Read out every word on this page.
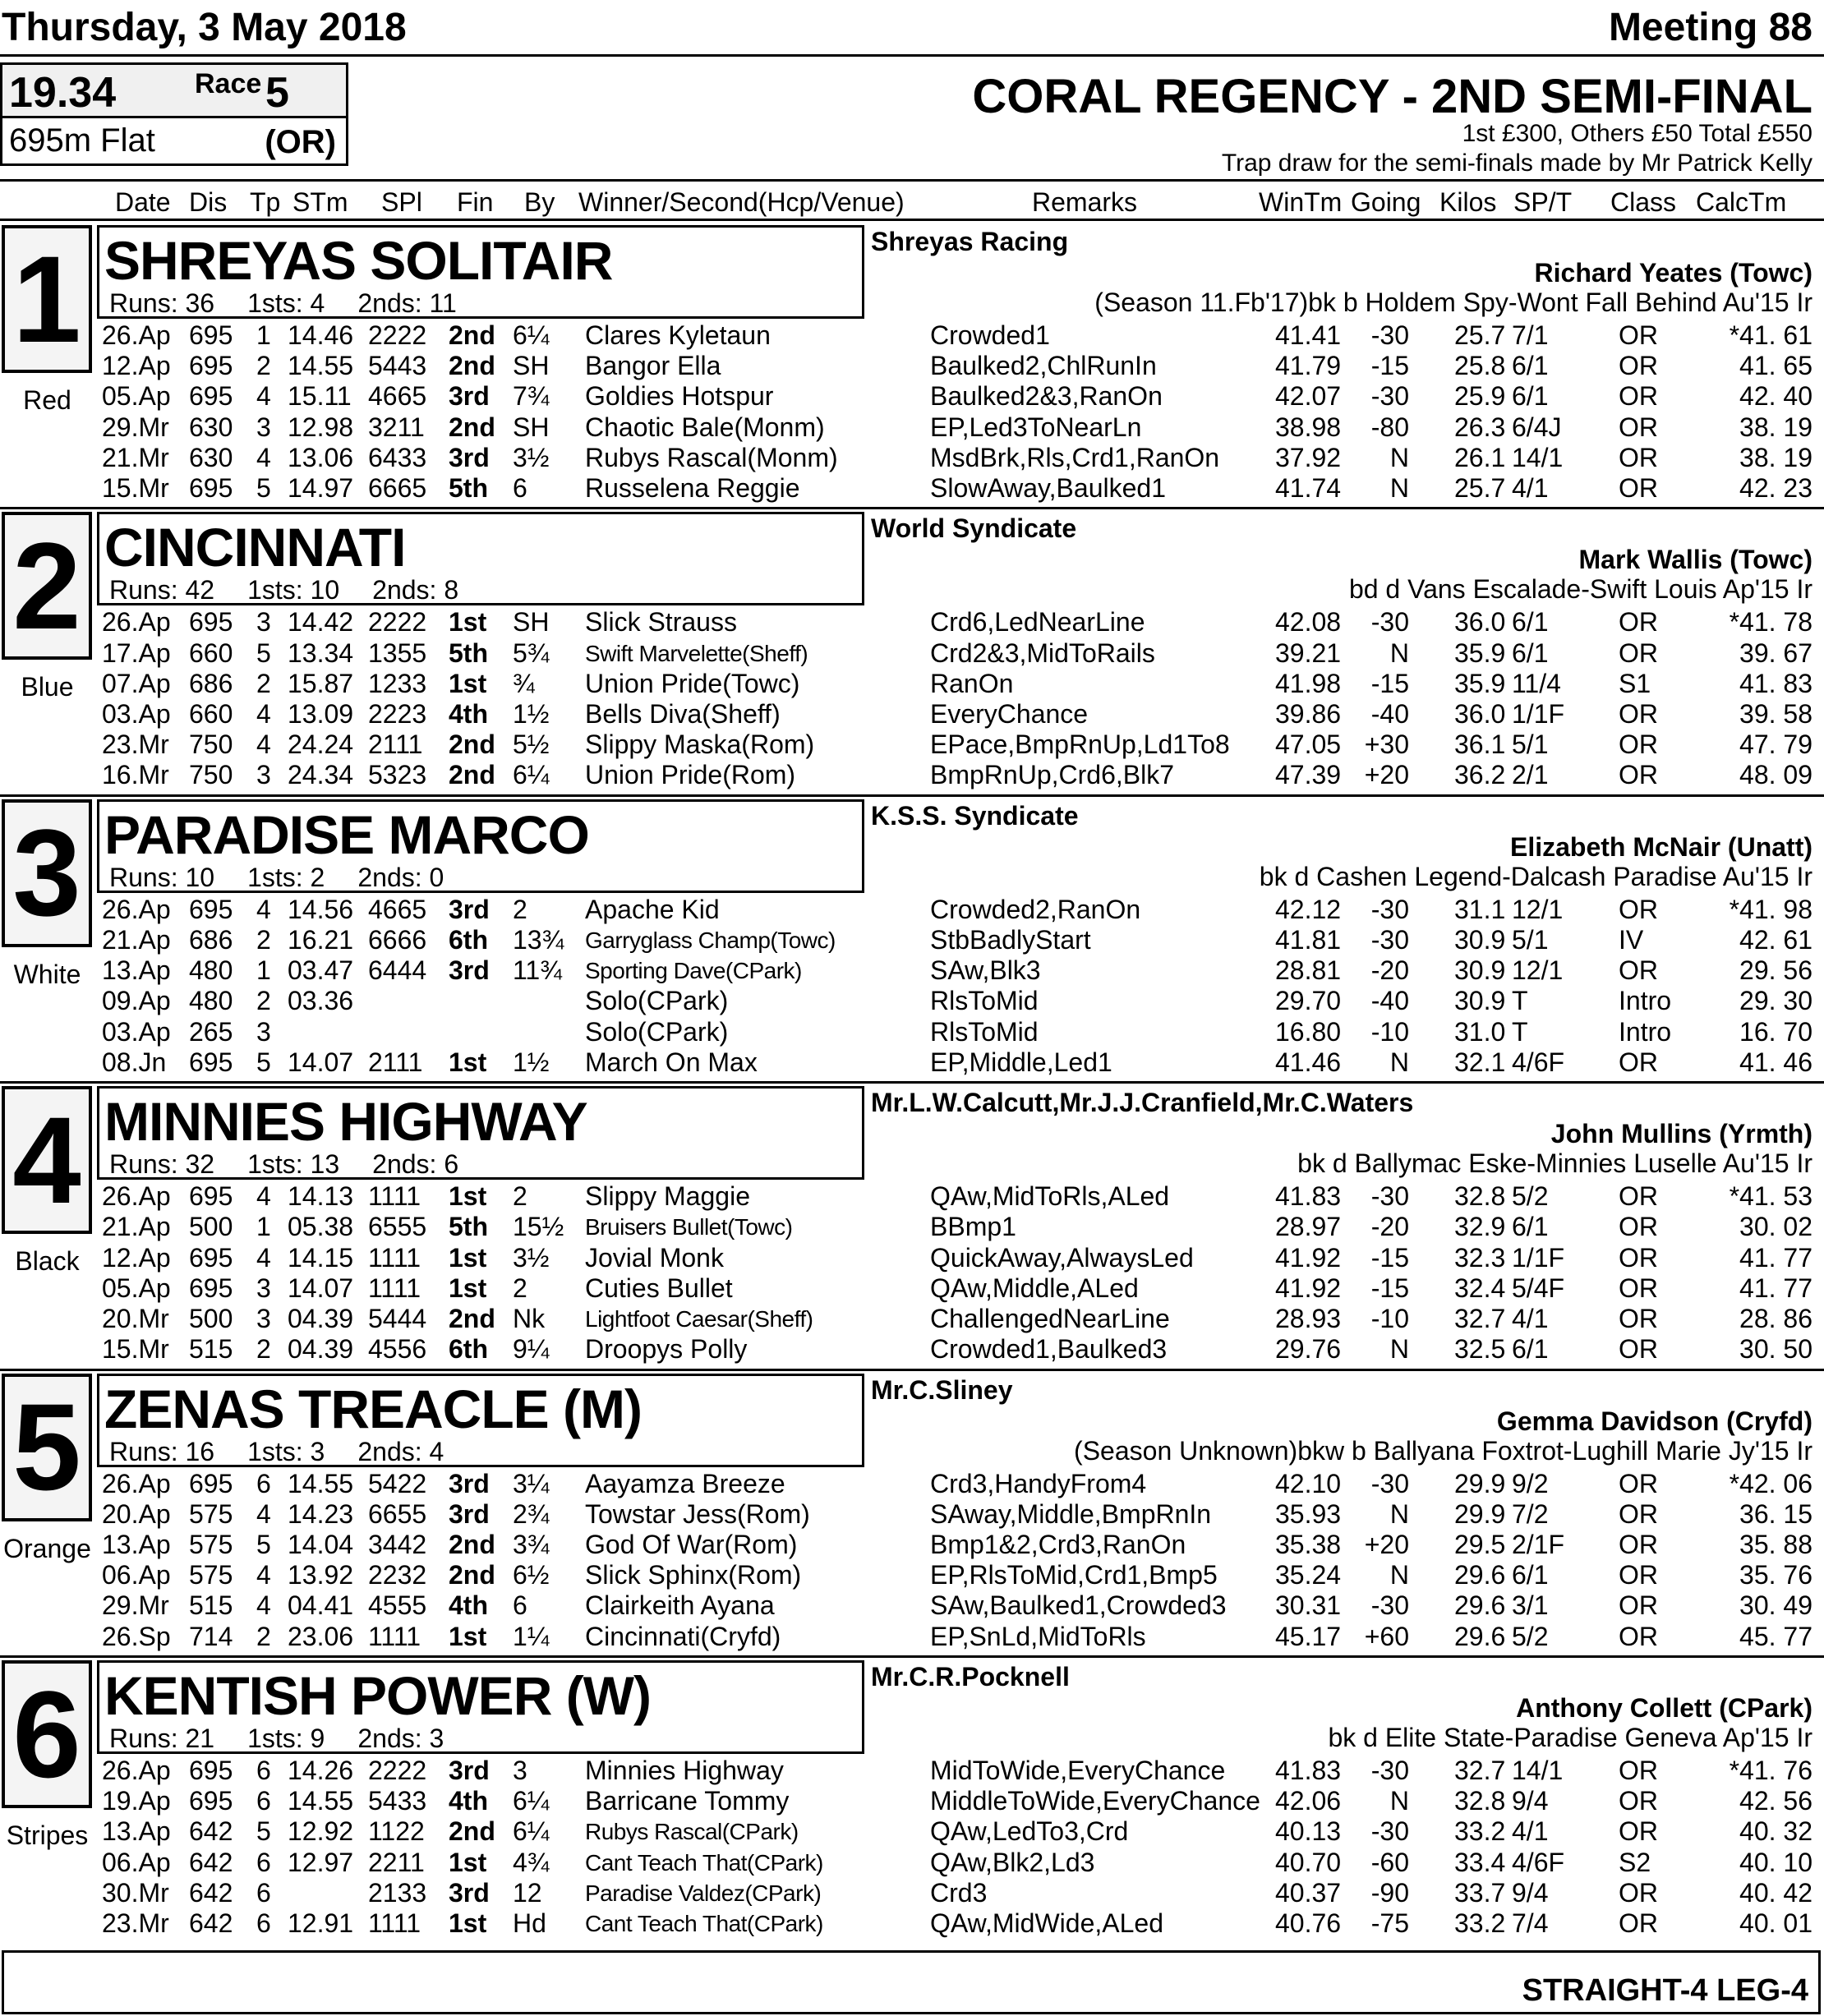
Thursday, 3 May 2018	Meeting 88
19.34	Race 5
695m Flat	(OR)
CORAL REGENCY - 2ND SEMI-FINAL
1st £300, Others £50 Total £550
Trap draw for the semi-finals made by Mr Patrick Kelly
Date Dis Tp STm SPl Fin By Winner/Second(Hcp/Venue)	Remarks	WinTm Going Kilos SP/T Class CalcTm
1
Red
SHREYAS SOLITAIR
Runs: 36 1sts: 4 2nds: 11
Shreyas Racing
Richard Yeates (Towc)
(Season 11.Fb'17)bk b Holdem Spy-Wont Fall Behind Au'15 Ir
26.Ap 695 1 14.46 2222 2nd 6¼ Clares Kyletaun	Crowded1	41.41 -30 25.7 7/1	OR	*41. 61
12.Ap 695 2 14.55 5443 2nd SH Bangor Ella	Baulked2,ChlRunIn	41.79 -15 25.8 6/1	OR	41. 65
05.Ap 695 4 15.11 4665 3rd 7¾ Goldies Hotspur	Baulked2&3,RanOn	42.07 -30 25.9 6/1	OR	42. 40
29.Mr 630 3 12.98 3211 2nd SH Chaotic Bale(Monm)	EP,Led3ToNearLn	38.98 -80 26.3 6/4J OR	38. 19
21.Mr 630 4 13.06 6433 3rd 3½ Rubys Rascal(Monm)	MsdBrk,Rls,Crd1,RanOn 37.92 N 26.1 14/1 OR	38. 19
15.Mr 695 5 14.97 6665 5th 6 Russelena Reggie	SlowAway,Baulked1	41.74 N 25.7 4/1	OR	42. 23
2
Blue
CINCINNATI
Runs: 42 1sts: 10 2nds: 8
World Syndicate
Mark Wallis (Towc)
bd d Vans Escalade-Swift Louis Ap'15 Ir
26.Ap 695 3 14.42 2222 1st SH Slick Strauss	Crd6,LedNearLine	42.08 -30 36.0 6/1	OR	*41. 78
17.Ap 660 5 13.34 1355 5th 5¾ Swift Marvelette(Sheff)	Crd2&3,MidToRails	39.21 N 35.9 6/1	OR	39. 67
07.Ap 686 2 15.87 1233 1st ¾ Union Pride(Towc)	RanOn	41.98 -15 35.9 11/4 S1	41. 83
03.Ap 660 4 13.09 2223 4th 1½ Bells Diva(Sheff)	EveryChance	39.86 -40 36.0 1/1F OR	39. 58
23.Mr 750 4 24.24 2111 2nd 5½ Slippy Maska(Rom)	EPace,BmpRnUp,Ld1To8 47.05 +30 36.1 5/1	OR	47. 79
16.Mr 750 3 24.34 5323 2nd 6¼ Union Pride(Rom)	BmpRnUp,Crd6,Blk7	47.39 +20 36.2 2/1	OR	48. 09
3
White
PARADISE MARCO
Runs: 10 1sts: 2 2nds: 0
K.S.S. Syndicate
Elizabeth McNair (Unatt)
bk d Cashen Legend-Dalcash Paradise Au'15 Ir
26.Ap 695 4 14.56 4665 3rd 2 Apache Kid	Crowded2,RanOn	42.12 -30 31.1 12/1 OR	*41. 98
21.Ap 686 2 16.21 6666 6th 13¾ Garryglass Champ(Towc)	StbBadlyStart	41.81 -30 30.9 5/1	IV	42. 61
13.Ap 480 1 03.47 6444 3rd 11¾ Sporting Dave(CPark)	SAw,Blk3	28.81 -20 30.9 12/1 OR	29. 56
09.Ap 480 2 03.36	Solo(CPark)	RlsToMid	29.70 -40 30.9 T	Intro	29. 30
03.Ap 265 3	Solo(CPark)	RlsToMid	16.80 -10 31.0 T	Intro	16. 70
08.Jn 695 5 14.07 2111 1st 1½ March On Max	EP,Middle,Led1	41.46 N 32.1 4/6F OR	41. 46
4
Black
MINNIES HIGHWAY
Runs: 32 1sts: 13 2nds: 6
Mr.L.W.Calcutt,Mr.J.J.Cranfield,Mr.C.Waters
John Mullins (Yrmth)
bk d Ballymac Eske-Minnies Luselle Au'15 Ir
26.Ap 695 4 14.13 1111 1st 2 Slippy Maggie	QAw,MidToRls,ALed	41.83 -30 32.8 5/2	OR	*41. 53
21.Ap 500 1 05.38 6555 5th 15½ Bruisers Bullet(Towc)	BBmp1	28.97 -20 32.9 6/1	OR	30. 02
12.Ap 695 4 14.15 1111 1st 3½ Jovial Monk	QuickAway,AlwaysLed	41.92 -15 32.3 1/1F OR	41. 77
05.Ap 695 3 14.07 1111 1st 2 Cuties Bullet	QAw,Middle,ALed	41.92 -15 32.4 5/4F OR	41. 77
20.Mr 500 3 04.39 5444 2nd Nk Lightfoot Caesar(Sheff)	ChallengedNearLine	28.93 -10 32.7 4/1	OR	28. 86
15.Mr 515 2 04.39 4556 6th 9¼ Droopys Polly	Crowded1,Baulked3	29.76 N 32.5 6/1	OR	30. 50
5
Orange
ZENAS TREACLE (M)
Runs: 16 1sts: 3 2nds: 4
Mr.C.Sliney
Gemma Davidson (Cryfd)
(Season Unknown)bkw b Ballyana Foxtrot-Lughill Marie Jy'15 Ir
26.Ap 695 6 14.55 5422 3rd 3¼ Aayamza Breeze	Crd3,HandyFrom4	42.10 -30 29.9 9/2	OR	*42. 06
20.Ap 575 4 14.23 6655 3rd 2¾ Towstar Jess(Rom)	SAway,Middle,BmpRnIn 35.93 N 29.9 7/2	OR	36. 15
13.Ap 575 5 14.04 3442 2nd 3¾ God Of War(Rom)	Bmp1&2,Crd3,RanOn	35.38 +20 29.5 2/1F OR	35. 88
06.Ap 575 4 13.92 2232 2nd 6½ Slick Sphinx(Rom)	EP,RlsToMid,Crd1,Bmp5 35.24 N 29.6 6/1	OR	35. 76
29.Mr 515 4 04.41 4555 4th 6 Clairkeith Ayana	SAw,Baulked1,Crowded3 30.31 -30 29.6 3/1	OR	30. 49
26.Sp 714 2 23.06 1111 1st 1¼ Cincinnati(Cryfd)	EP,SnLd,MidToRls	45.17 +60 29.6 5/2	OR	45. 77
6
Stripes
KENTISH POWER (W)
Runs: 21 1sts: 9 2nds: 3
Mr.C.R.Pocknell
Anthony Collett (CPark)
bk d Elite State-Paradise Geneva Ap'15 Ir
26.Ap 695 6 14.26 2222 3rd 3 Minnies Highway	MidToWide,EveryChance 41.83 -30 32.7 14/1 OR	*41. 76
19.Ap 695 6 14.55 5433 4th 6¼ Barricane Tommy	MiddleToWide,EveryChance 42.06 N 32.8 9/4	OR	42. 56
13.Ap 642 5 12.92 1122 2nd 6¼ Rubys Rascal(CPark)	QAw,LedTo3,Crd	40.13 -30 33.2 4/1	OR	40. 32
06.Ap 642 6 12.97 2211 1st 4¾ Cant Teach That(CPark)	QAw,Blk2,Ld3	40.70 -60 33.4 4/6F S2	40. 10
30.Mr 642 6	2133 3rd 12 Paradise Valdez(CPark)	Crd3	40.37 -90 33.7 9/4	OR	40. 42
23.Mr 642 6 12.91 1111 1st Hd Cant Teach That(CPark)	QAw,MidWide,ALed	40.76 -75 33.2 7/4	OR	40. 01
STRAIGHT-4 LEG-4
